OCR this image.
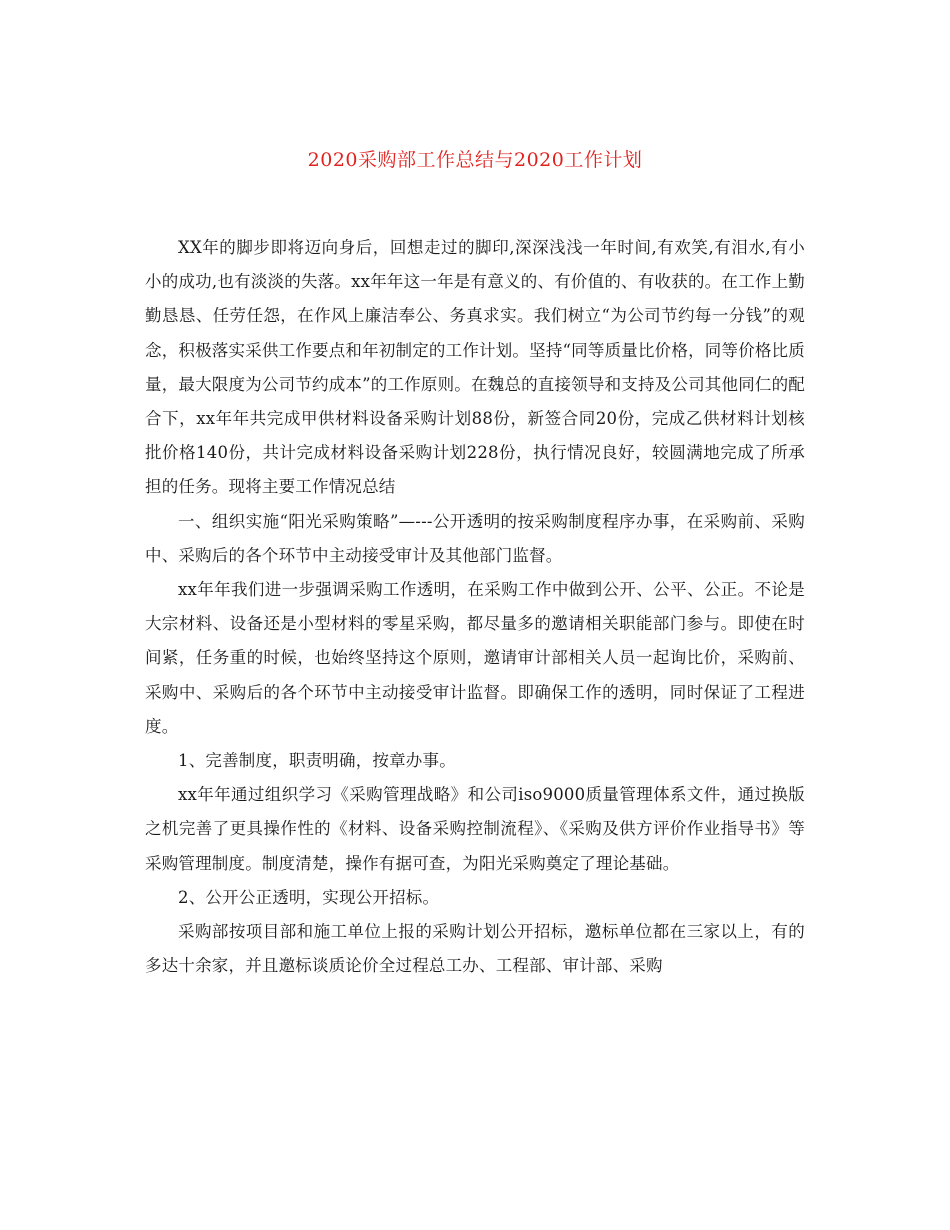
2020采购部工作总结与2020工作计划

XX年的脚步即将迈向身后，回想走过的脚印,深深浅浅一年时间,有欢笑,有泪水,有小小的成功,也有淡淡的失落。xx年年这一年是有意义的、有价值的、有收获的。在工作上勤勤恳恳、任劳任怨，在作风上廉洁奉公、务真求实。我们树立“为公司节约每一分钱”的观念，积极落实采供工作要点和年初制定的工作计划。坚持“同等质量比价格，同等价格比质量，最大限度为公司节约成本”的工作原则。在魏总的直接领导和支持及公司其他同仁的配合下，xx年年共完成甲供材料设备采购计划88份，新签合同20份，完成乙供材料计划核批价格140份，共计完成材料设备采购计划228份，执行情况良好，较圆满地完成了所承担的任务。现将主要工作情况总结

一、组织实施“阳光采购策略”—---公开透明的按采购制度程序办事，在采购前、采购中、采购后的各个环节中主动接受审计及其他部门监督。

xx年年我们进一步强调采购工作透明，在采购工作中做到公开、公平、公正。不论是大宗材料、设备还是小型材料的零星采购，都尽量多的邀请相关职能部门参与。即使在时间紧，任务重的时候，也始终坚持这个原则，邀请审计部相关人员一起询比价，采购前、采购中、采购后的各个环节中主动接受审计监督。即确保工作的透明，同时保证了工程进度。

1、完善制度，职责明确，按章办事。

xx年年通过组织学习《采购管理战略》和公司iso9000质量管理体系文件，通过换版之机完善了更具操作性的《材料、设备采购控制流程》、《采购及供方评价作业指导书》等采购管理制度。制度清楚，操作有据可查，为阳光采购奠定了理论基础。

2、公开公正透明，实现公开招标。

采购部按项目部和施工单位上报的采购计划公开招标，邀标单位都在三家以上，有的多达十余家，并且邀标谈质论价全过程总工办、工程部、审计部、采购
